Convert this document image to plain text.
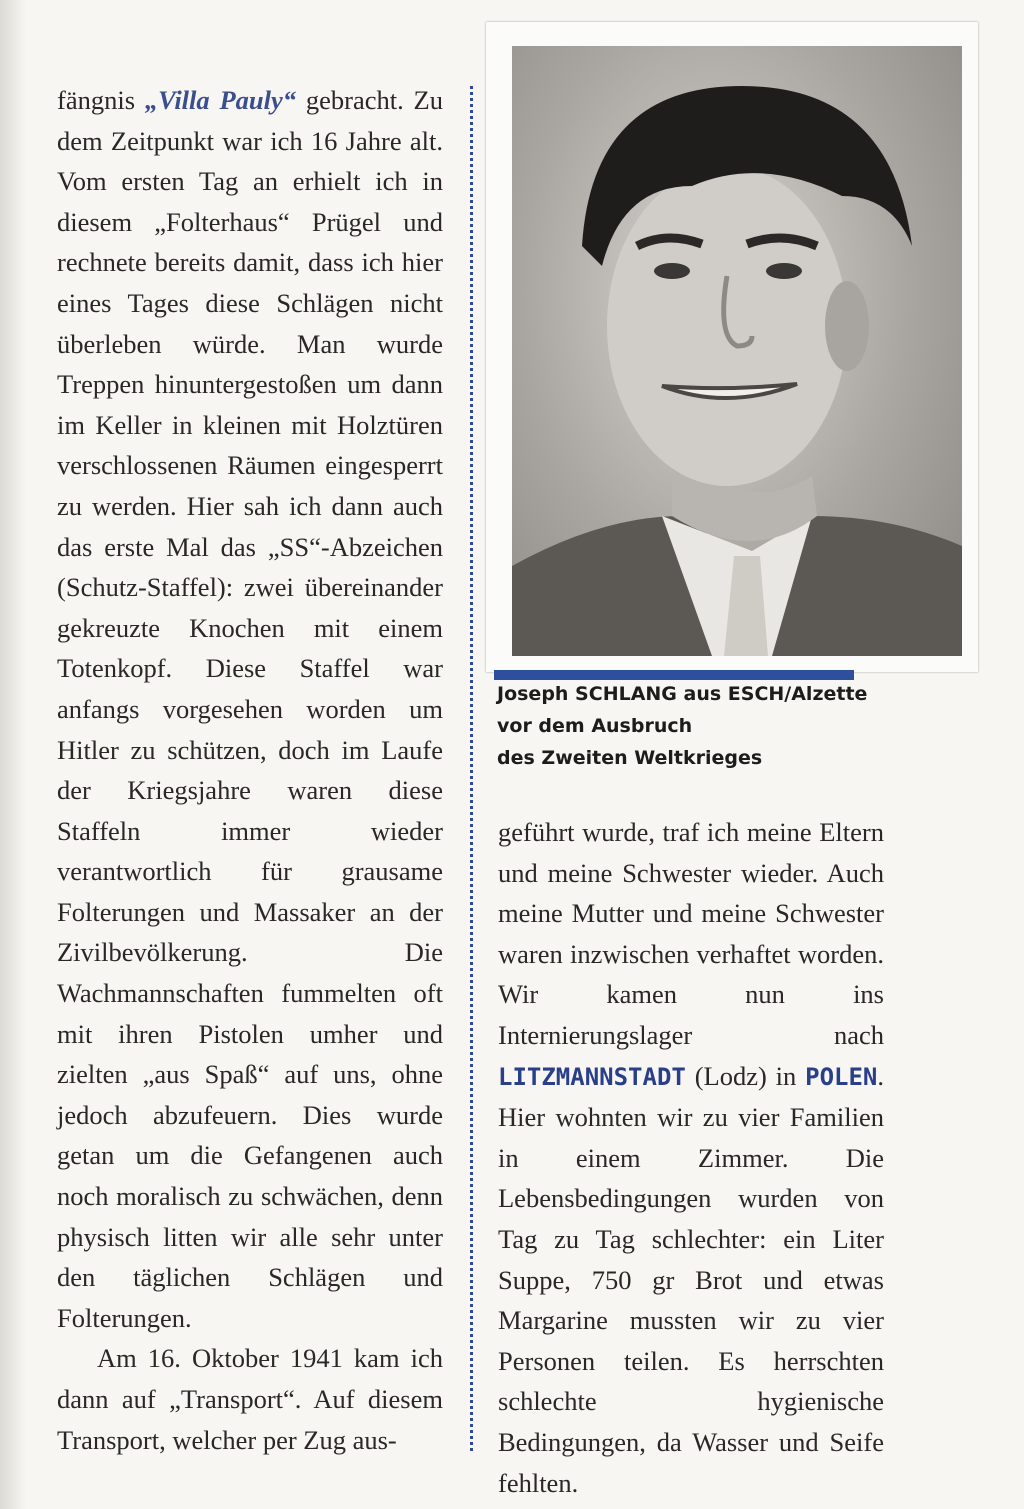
fängnis „Villa Pauly“ gebracht. Zu dem Zeitpunkt war ich 16 Jahre alt. Vom ersten Tag an erhielt ich in diesem „Folterhaus“ Prügel und rechnete bereits damit, dass ich hier eines Tages diese Schlägen nicht überleben würde. Man wurde Treppen hinuntergestoßen um dann im Keller in kleinen mit Holztüren verschlossenen Räumen eingesperrt zu werden. Hier sah ich dann auch das erste Mal das „SS“-Abzeichen (Schutz-Staffel): zwei übereinander gekreuzte Knochen mit einem Totenkopf. Diese Staffel war anfangs vorgesehen worden um Hitler zu schützen, doch im Laufe der Kriegsjahre waren diese Staffeln immer wieder verantwortlich für grausame Folterungen und Massaker an der Zivilbevölkerung. Die Wachmannschaften fummelten oft mit ihren Pistolen umher und zielten „aus Spaß“ auf uns, ohne jedoch abzufeuern. Dies wurde getan um die Gefangenen auch noch moralisch zu schwächen, denn physisch litten wir alle sehr unter den täglichen Schlägen und Folterungen.

Am 16. Oktober 1941 kam ich dann auf „Transport“. Auf diesem Transport, welcher per Zug aus-

Joseph SCHLANG aus ESCH/Alzette
vor dem Ausbruch
des Zweiten Weltkrieges

geführt wurde, traf ich meine Eltern und meine Schwester wieder. Auch meine Mutter und meine Schwester waren inzwischen verhaftet worden. Wir kamen nun ins Internierungslager nach LITZMANNSTADT (Lodz) in POLEN. Hier wohnten wir zu vier Familien in einem Zimmer. Die Lebensbedingungen wurden von Tag zu Tag schlechter: ein Liter Suppe, 750 gr Brot und etwas Margarine mussten wir zu vier Personen teilen. Es herrschten schlechte hygienische Bedingungen, da Wasser und Seife fehlten.
